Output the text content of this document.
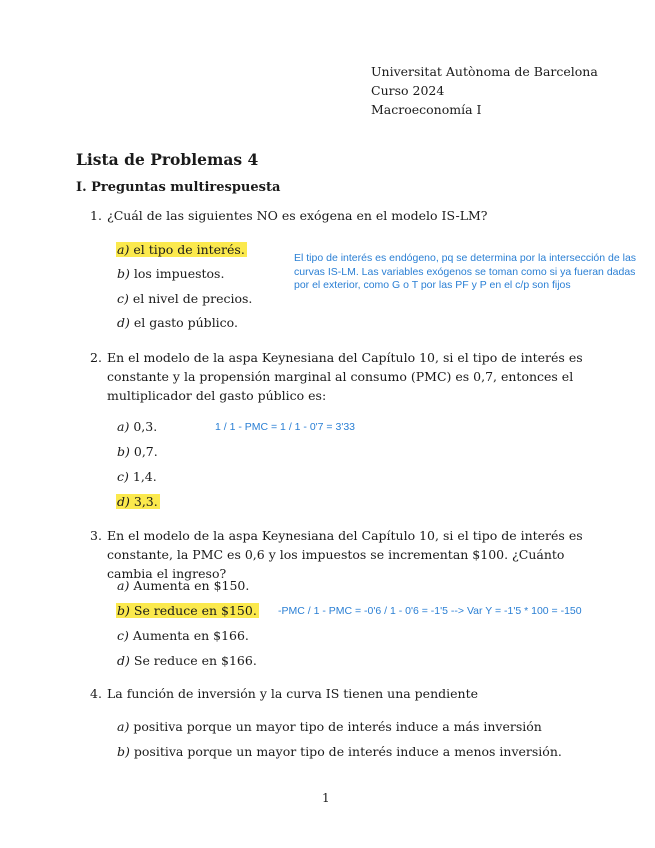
Universitat Autònoma de Barcelona
Curso 2024
Macroeconomía I
Lista de Problemas 4
I. Preguntas multirespuesta
1. ¿Cuál de las siguientes NO es exógena en el modelo IS-LM?
a) el tipo de interés.
b) los impuestos.
c) el nivel de precios.
d) el gasto público.
El tipo de interés es endógeno, pq se determina por la intersección de las curvas IS-LM. Las variables exógenos se toman como si ya fueran dadas por el exterior, como G o T por las PF y P en el c/p son fijos
2. En el modelo de la aspa Keynesiana del Capítulo 10, si el tipo de interés es constante y la propensión marginal al consumo (PMC) es 0,7, entonces el multiplicador del gasto público es:
a) 0,3.
b) 0,7.
c) 1,4.
d) 3,3.
1 / 1 - PMC = 1 / 1 - 0'7 = 3'33
3. En el modelo de la aspa Keynesiana del Capítulo 10, si el tipo de interés es constante, la PMC es 0,6 y los impuestos se incrementan $100. ¿Cuánto cambia el ingreso?
a) Aumenta en $150.
b) Se reduce en $150.
c) Aumenta en $166.
d) Se reduce en $166.
-PMC / 1 - PMC = -0'6 / 1 - 0'6 = -1'5 --> Var Y = -1'5 * 100 = -150
4. La función de inversión y la curva IS tienen una pendiente
a) positiva porque un mayor tipo de interés induce a más inversión
b) positiva porque un mayor tipo de interés induce a menos inversión.
1
